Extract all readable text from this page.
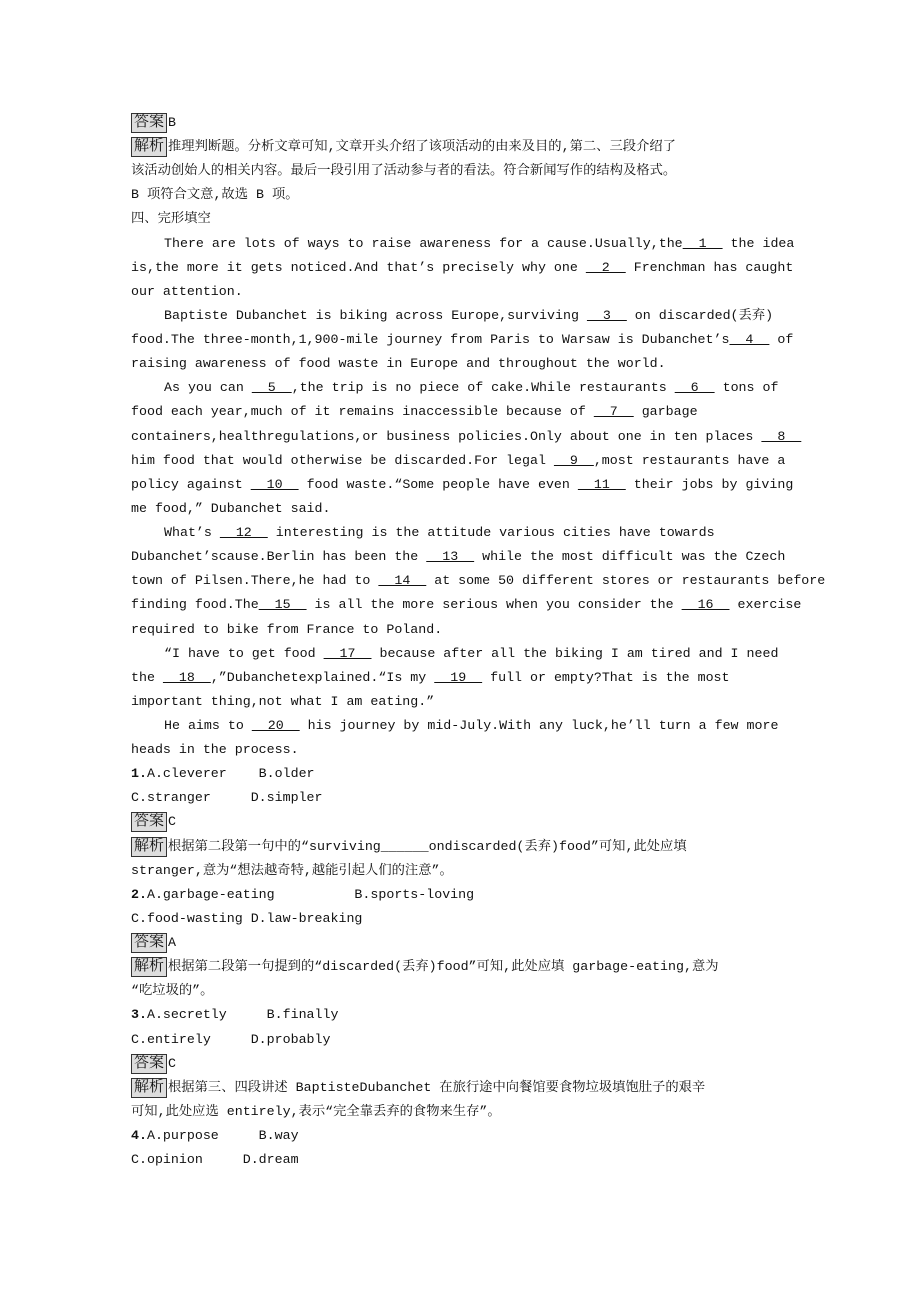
答案 B
解析 推理判断题。分析文章可知,文章开头介绍了该项活动的由来及目的,第二、三段介绍了
该活动创始人的相关内容。最后一段引用了活动参与者的看法。符合新闻写作的结构及格式。
B 项符合文意,故选 B 项。
四、完形填空
There are lots of ways to raise awareness for a cause.Usually,the  1   the idea
is,the more it gets noticed.And that’s precisely why one   2   Frenchman has caught
our attention.
Baptiste Dubanchet is biking across Europe,surviving   3   on discarded(丢弃)
food.The three-month,1,900-mile journey from Paris to Warsaw is Dubanchet’s  4   of
raising awareness of food waste in Europe and throughout the world.
As you can   5  ,the trip is no piece of cake.While restaurants   6   tons of
food each year,much of it remains inaccessible because of   7   garbage
containers,healthregulations,or business policies.Only about one in ten places   8
him food that would otherwise be discarded.For legal   9  ,most restaurants have a
policy against   10   food waste.“Some people have even   11   their jobs by giving
me food,” Dubanchet said.
What’s   12   interesting is the attitude various cities have towards
Dubanchet’scause.Berlin has been the   13   while the most difficult was the Czech
town of Pilsen.There,he had to   14   at some 50 different stores or restaurants before
finding food.The  15   is all the more serious when you consider the   16   exercise
required to bike from France to Poland.
“I have to get food   17   because after all the biking I am tired and I need
the   18  ,”Dubanchetexplained.“Is my   19   full or empty?That is the most
important thing,not what I am eating.”
He aims to   20   his journey by mid-July.With any luck,he’ll turn a few more
heads in the process.
1.A.cleverer    B.older
C.stranger     D.simpler
答案 C
解析 根据第二段第一句中的“surviving______ondiscarded(丢弃)food”可知,此处应填
stranger,意为“想法越奇特,越能引起人们的注意”。
2.A.garbage-eating          B.sports-loving
C.food-wasting D.law-breaking
答案 A
解析 根据第二段第一句提到的“discarded(丢弃)food”可知,此处应填 garbage-eating,意为
“吃垃圾的”。
3.A.secretly     B.finally
C.entirely     D.probably
答案 C
解析 根据第三、四段讲述 BaptisteDubanchet 在旅行途中向餐馆要食物垃圾填饱肚子的艰辛
可知,此处应选 entirely,表示“完全靠丢弃的食物来生存”。
4.A.purpose     B.way
C.opinion     D.dream
